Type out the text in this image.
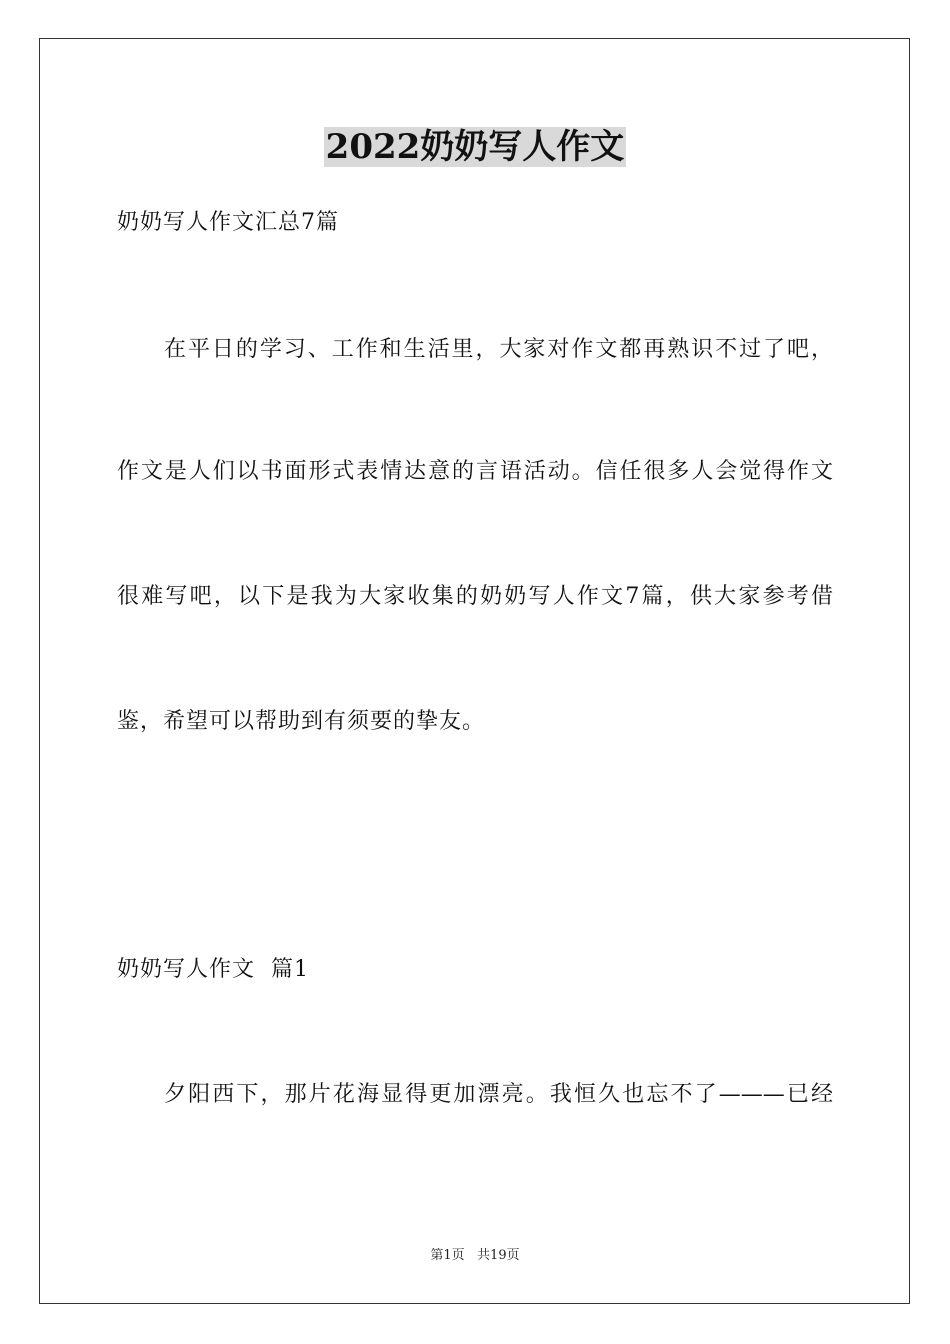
2022奶奶写人作文
奶奶写人作文汇总7篇
在平日的学习、工作和生活里，大家对作文都再熟识不过了吧，
作文是人们以书面形式表情达意的言语活动。信任很多人会觉得作文
很难写吧，以下是我为大家收集的奶奶写人作文7篇，供大家参考借
鉴，希望可以帮助到有须要的挚友。
奶奶写人作文  篇1
夕阳西下，那片花海显得更加漂亮。我恒久也忘不了———已经
第1页   共19页
